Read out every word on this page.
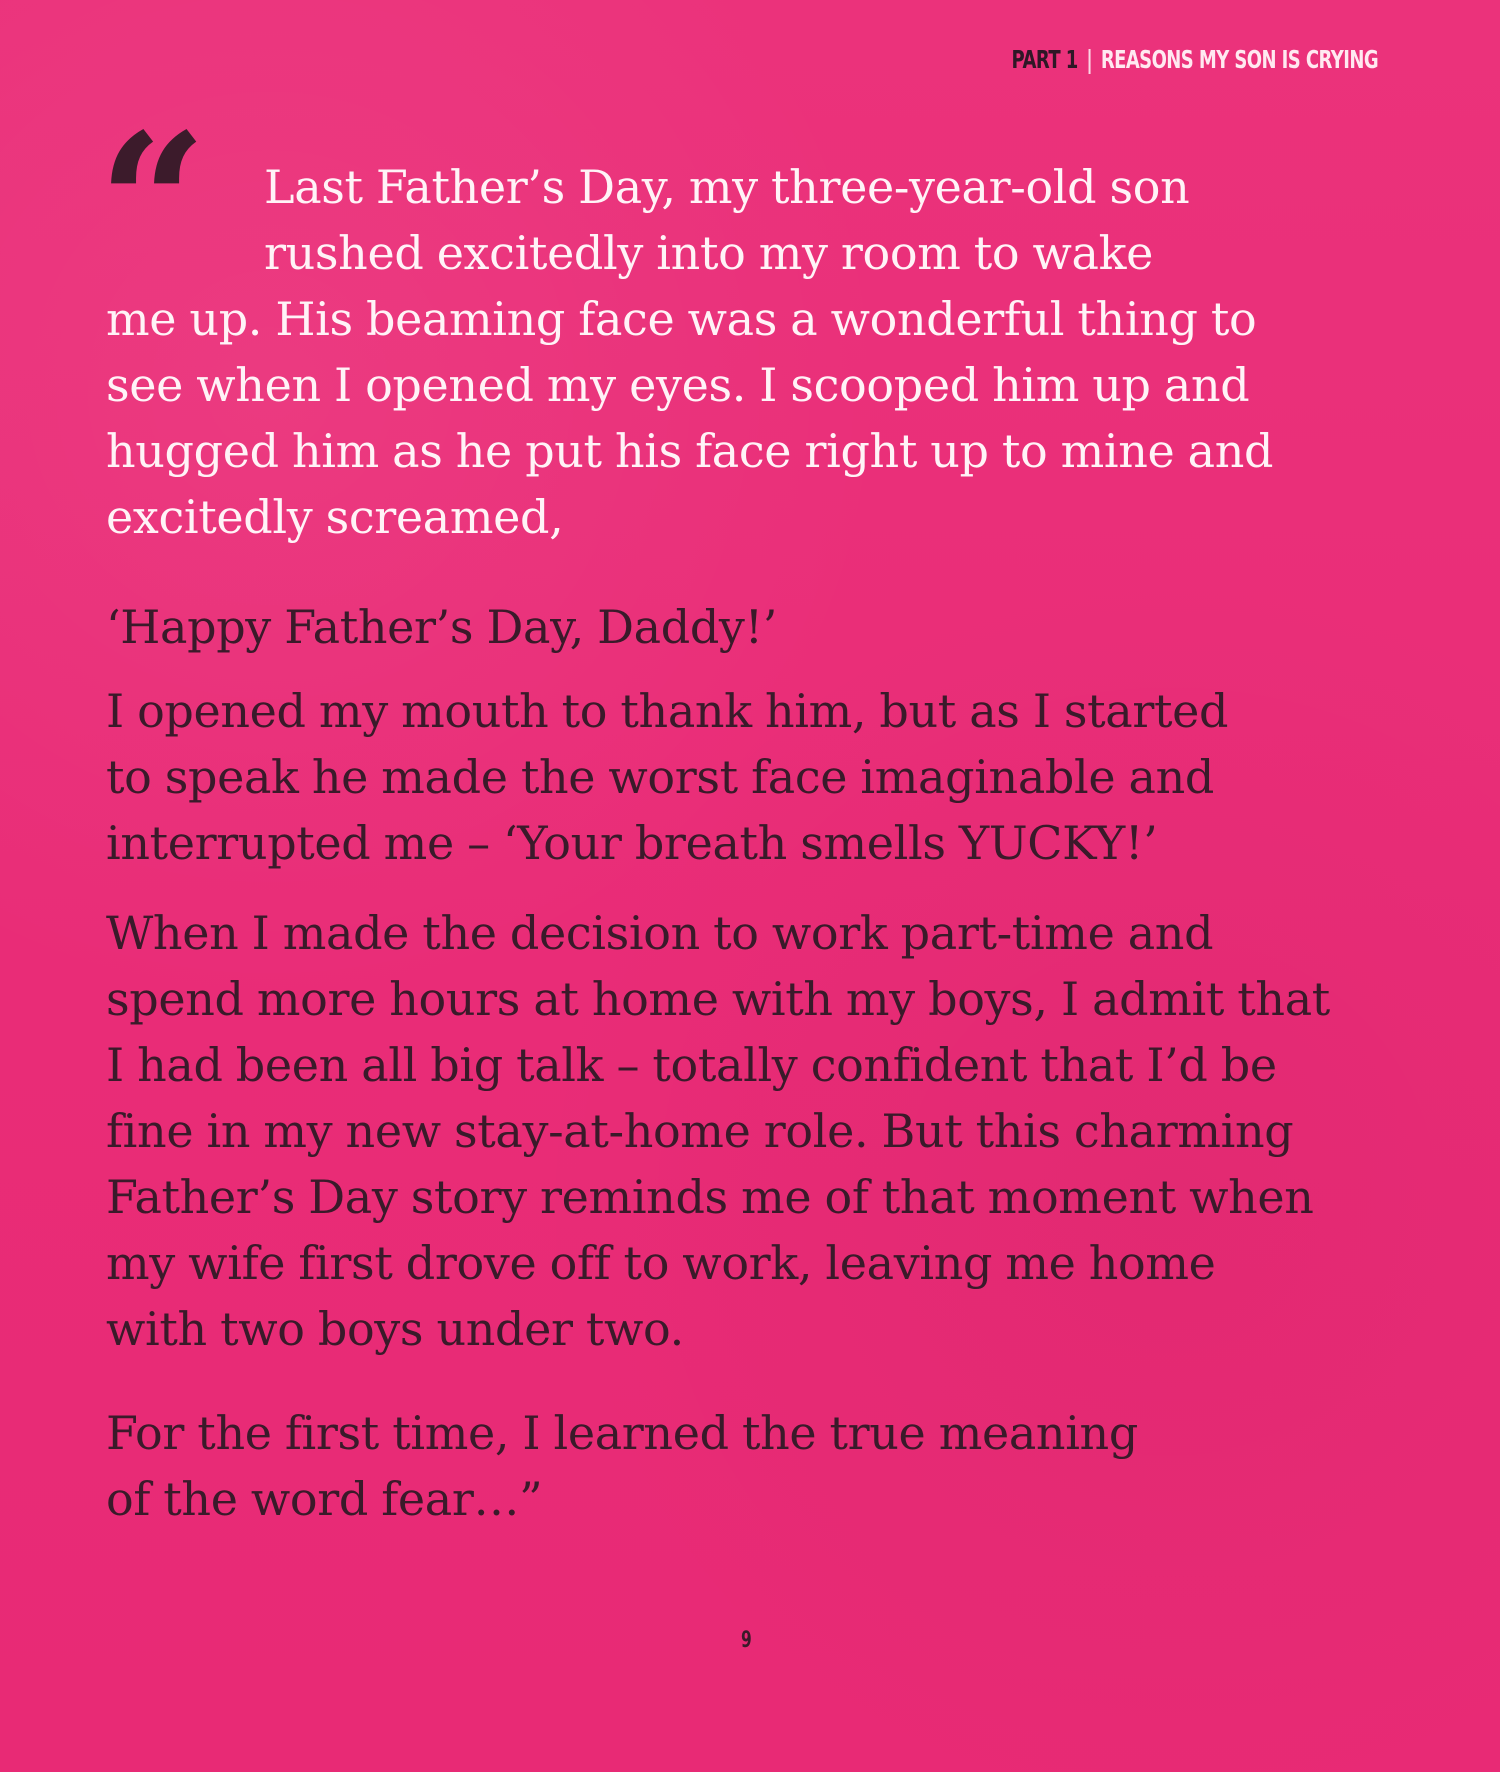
PART 1 | REASONS MY SON IS CRYING
“	Last Father’s Day, my three-year-old son
rushed excitedly into my room to wake
me up. His beaming face was a wonderful thing to
see when I opened my eyes. I scooped him up and
hugged him as he put his face right up to mine and
excitedly screamed,
‘Happy Father’s Day, Daddy!’
I opened my mouth to thank him, but as I started
to speak he made the worst face imaginable and
interrupted me – ‘Your breath smells YUCKY!’
When I made the decision to work part-time and
spend more hours at home with my boys, I admit that
I had been all big talk – totally confident that I’d be
fine in my new stay-at-home role. But this charming
Father’s Day story reminds me of that moment when
my wife first drove off to work, leaving me home
with two boys under two.
For the first time, I learned the true meaning
of the word fear…”
9
